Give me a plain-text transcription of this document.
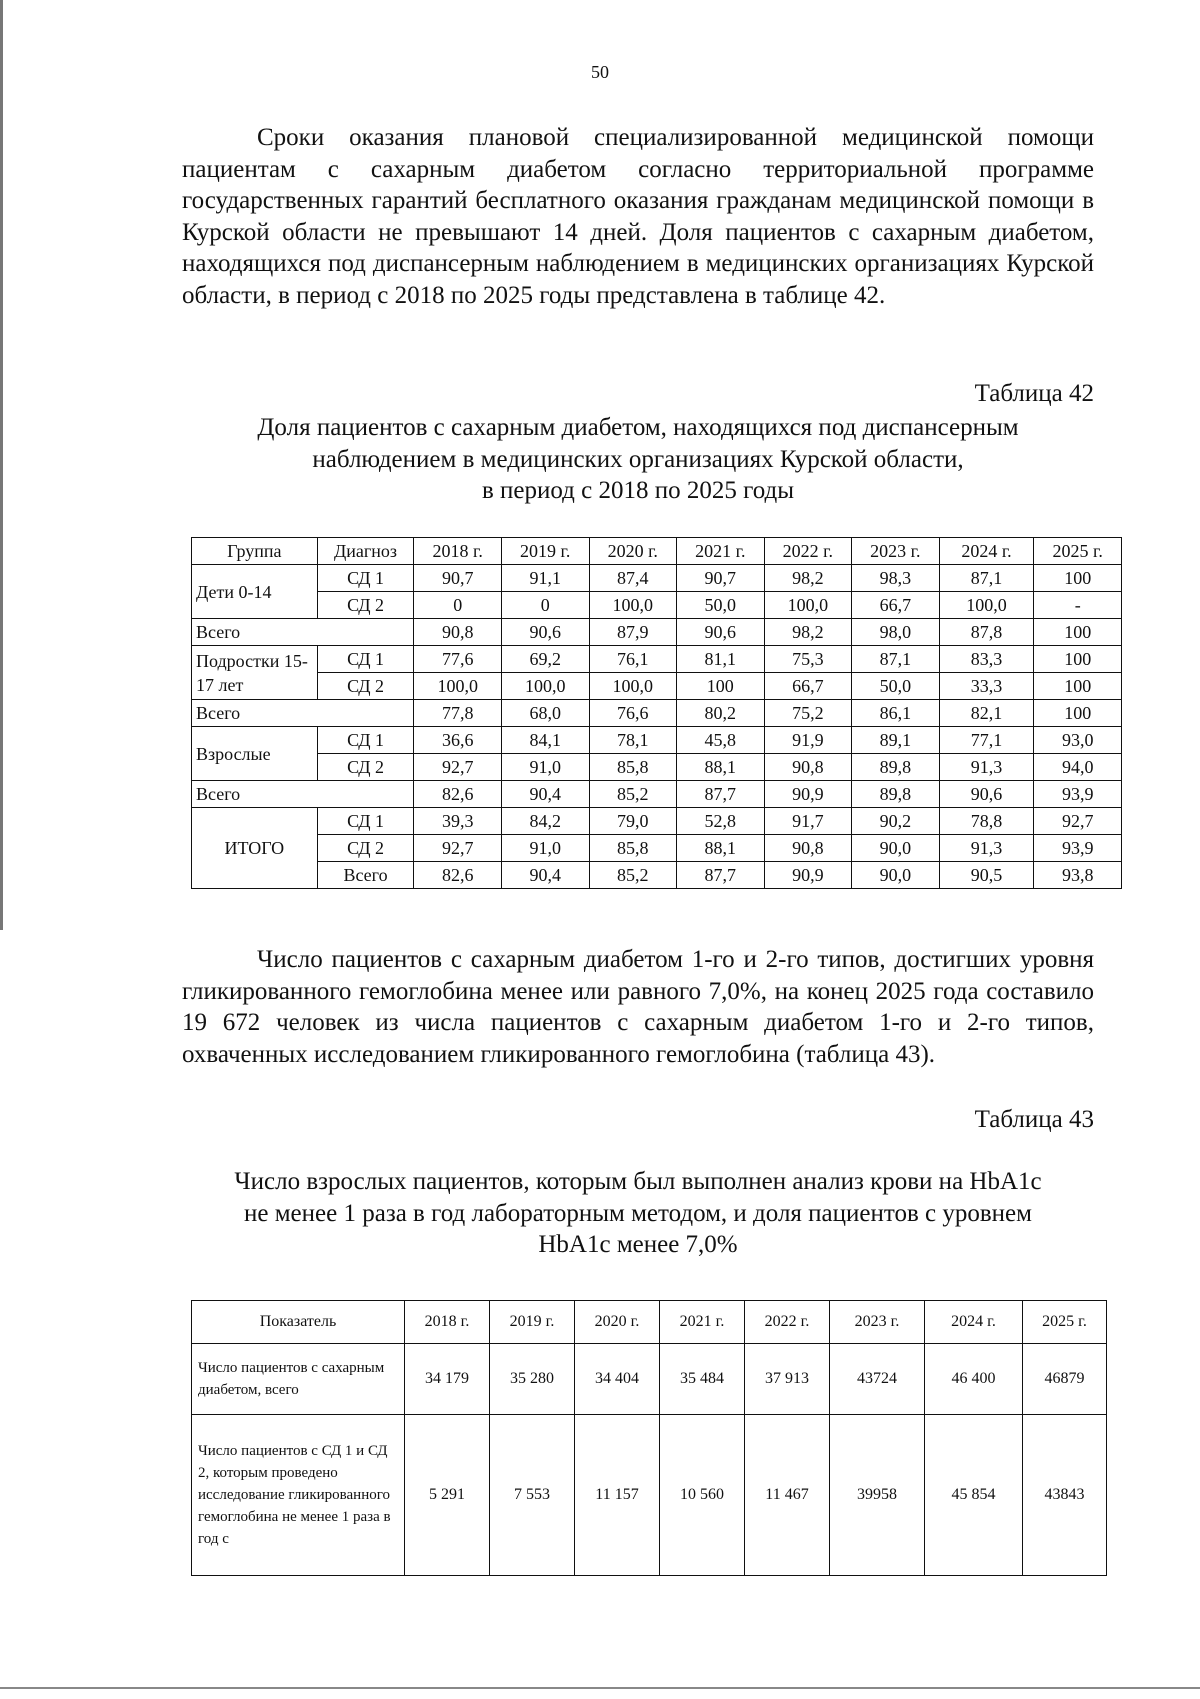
50

Сроки оказания плановой специализированной медицинской помощи пациентам с сахарным диабетом согласно территориальной программе государственных гарантий бесплатного оказания гражданам медицинской помощи в Курской области не превышают 14 дней. Доля пациентов с сахарным диабетом, находящихся под диспансерным наблюдением в медицинских организациях Курской области, в период с 2018 по 2025 годы представлена в таблице 42.

Таблица 42
Доля пациентов с сахарным диабетом, находящихся под диспансерным
наблюдением в медицинских организациях Курской области,
в период с 2018 по 2025 годы
Группа	Диагноз	2018 г.	2019 г.	2020 г.	2021 г.	2022 г.	2023 г.	2024 г.	2025 г.
Дети 0-14	СД 1	90,7	91,1	87,4	90,7	98,2	98,3	87,1	100
	СД 2	0	0	100,0	50,0	100,0	66,7	100,0	-
Всего		90,8	90,6	87,9	90,6	98,2	98,0	87,8	100
Подростки 15-17 лет	СД 1	77,6	69,2	76,1	81,1	75,3	87,1	83,3	100
	СД 2	100,0	100,0	100,0	100	66,7	50,0	33,3	100
Всего		77,8	68,0	76,6	80,2	75,2	86,1	82,1	100
Взрослые	СД 1	36,6	84,1	78,1	45,8	91,9	89,1	77,1	93,0
	СД 2	92,7	91,0	85,8	88,1	90,8	89,8	91,3	94,0
Всего		82,6	90,4	85,2	87,7	90,9	89,8	90,6	93,9
ИТОГО	СД 1	39,3	84,2	79,0	52,8	91,7	90,2	78,8	92,7
	СД 2	92,7	91,0	85,8	88,1	90,8	90,0	91,3	93,9
	Всего	82,6	90,4	85,2	87,7	90,9	90,0	90,5	93,8

Число пациентов с сахарным диабетом 1-го и 2-го типов, достигших уровня гликированного гемоглобина менее или равного 7,0%, на конец 2025 года составило 19 672 человек из числа пациентов с сахарным диабетом 1-го и 2-го типов, охваченных исследованием гликированного гемоглобина (таблица 43).

Таблица 43
Число взрослых пациентов, которым был выполнен анализ крови на HbA1c
не менее 1 раза в год лабораторным методом, и доля пациентов с уровнем
HbA1c менее 7,0%
Показатель	2018 г.	2019 г.	2020 г.	2021 г.	2022 г.	2023 г.	2024 г.	2025 г.
Число пациентов с сахарным диабетом, всего	34 179	35 280	34 404	35 484	37 913	43724	46 400	46879
Число пациентов с СД 1 и СД 2, которым проведено исследование гликированного гемоглобина не менее 1 раза в год с	5 291	7 553	11 157	10 560	11 467	39958	45 854	43843
